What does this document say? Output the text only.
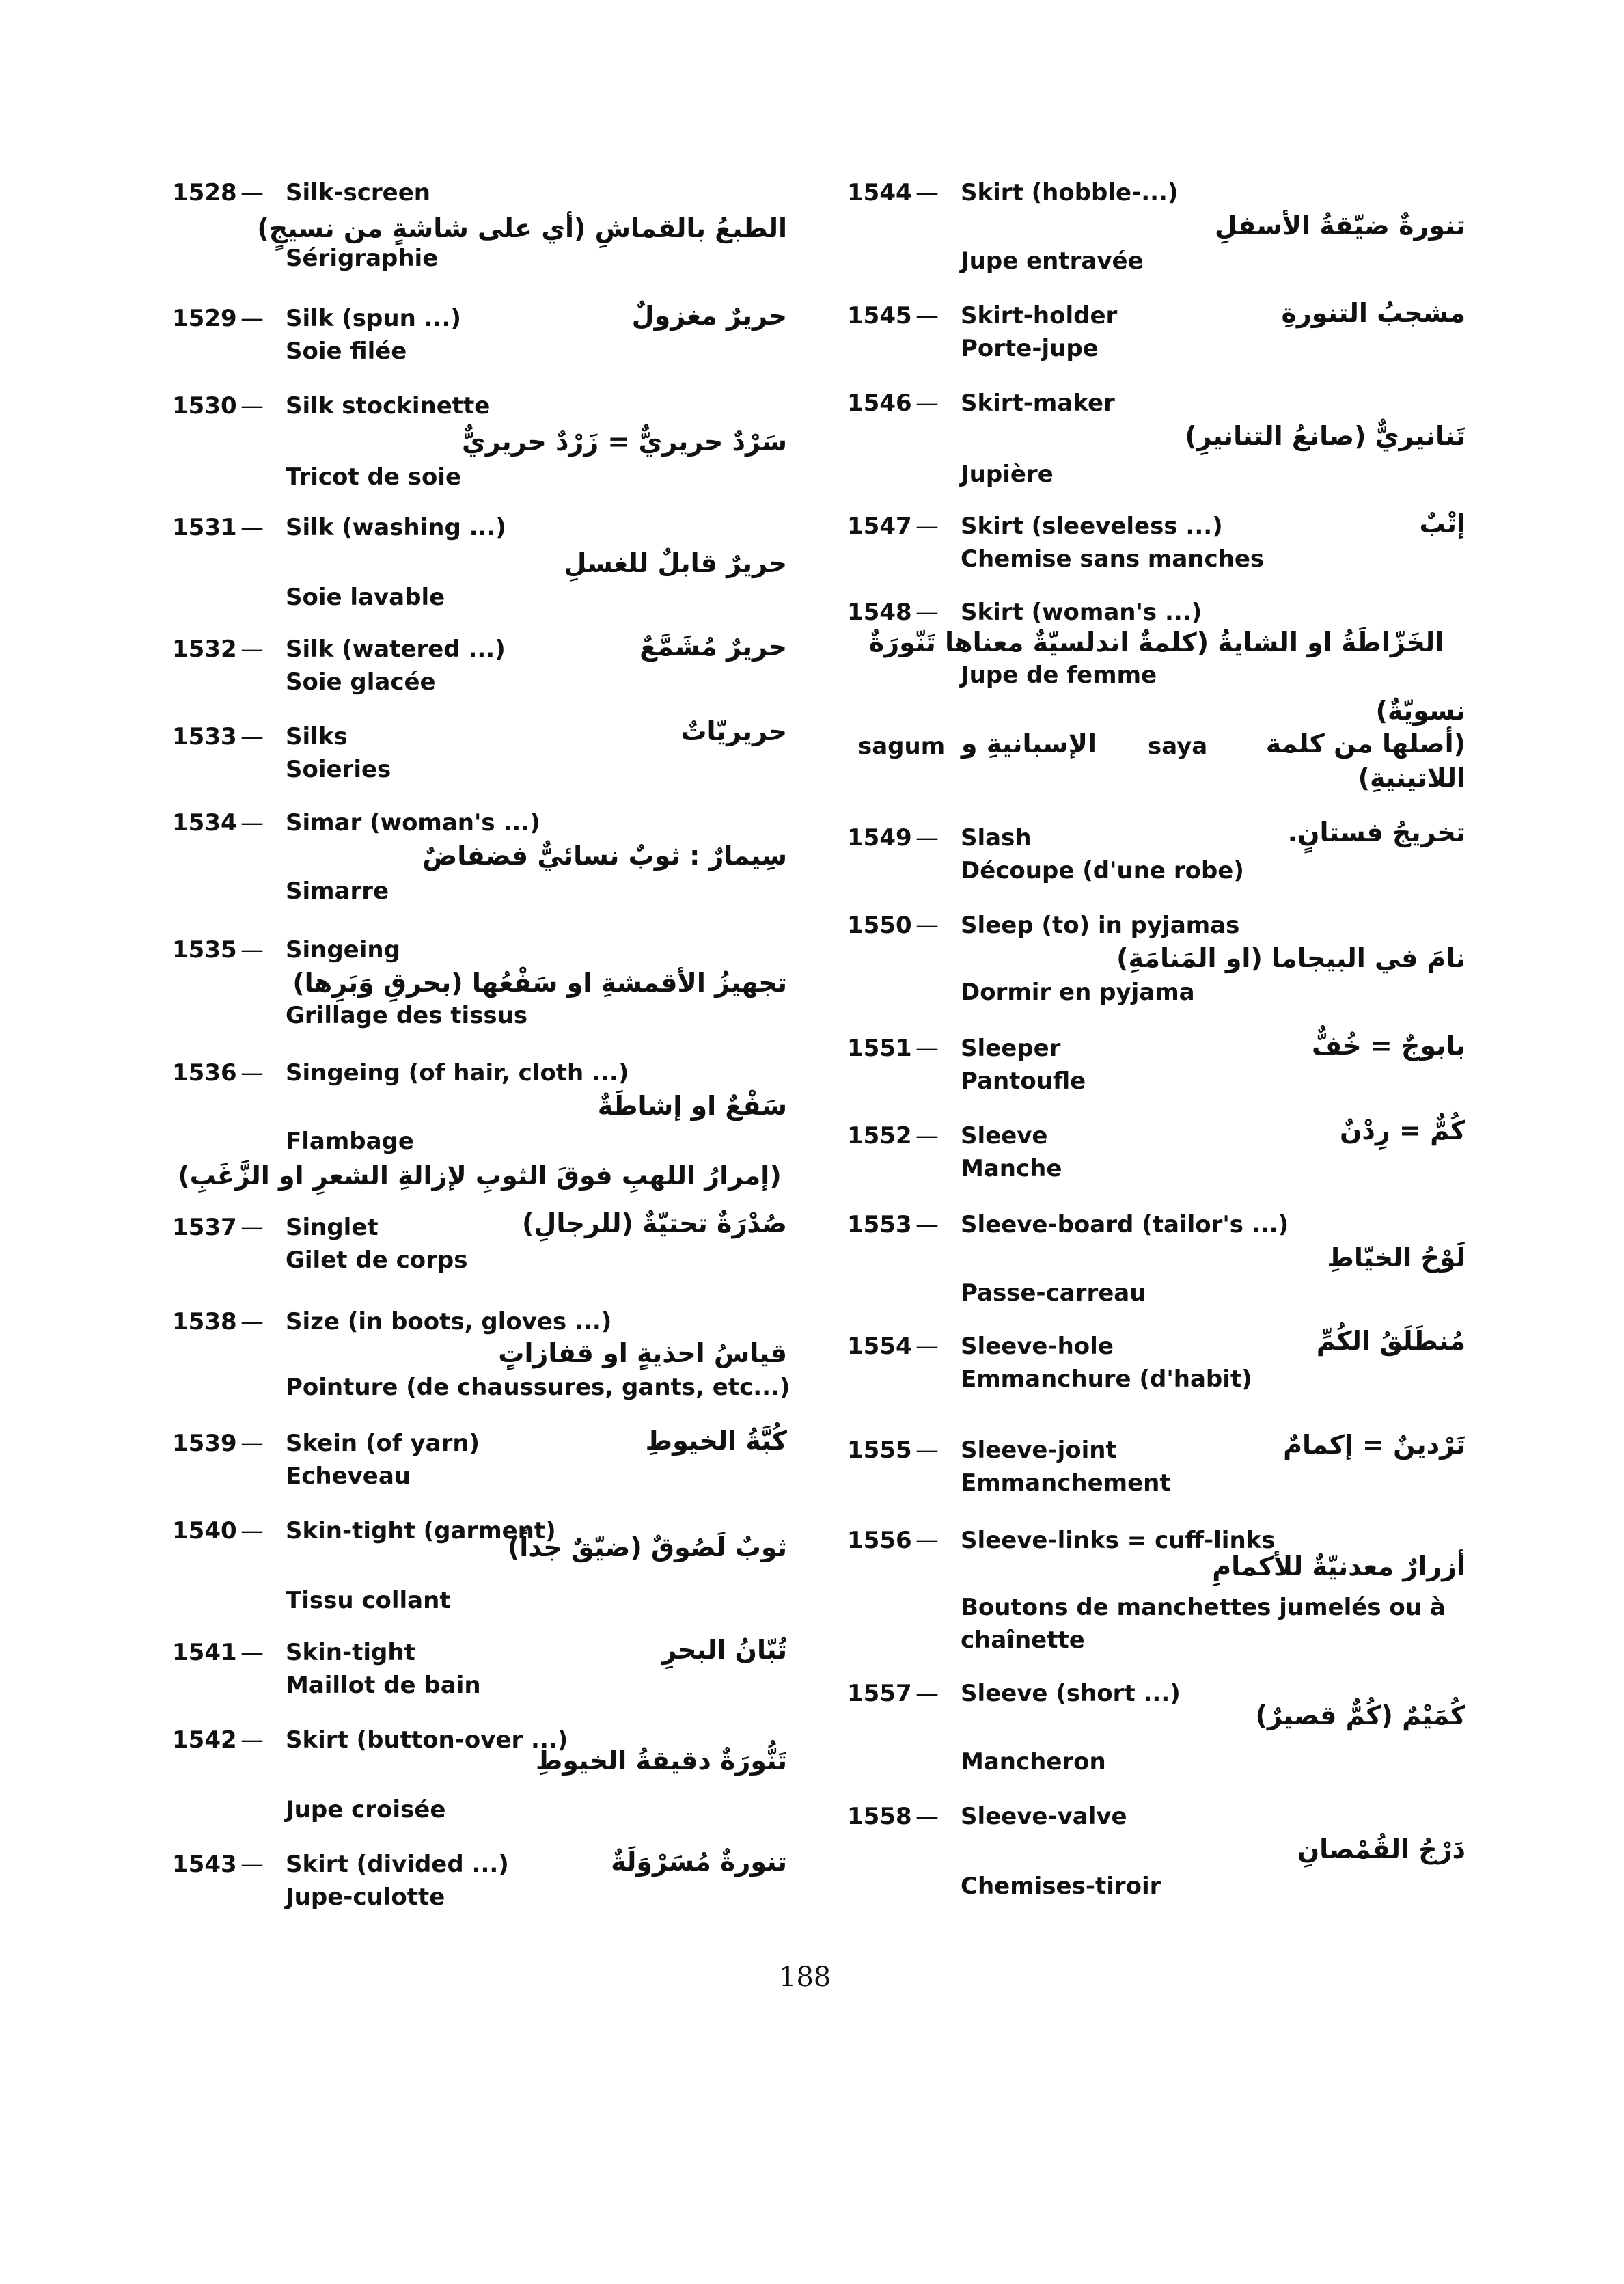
1528 — Silk-screen
الطبعُ بالقماشِ (أي على شاشةٍ من نسيجٍ)
Sérigraphie
1529 — Silk (spun ...)	حريرٌ مغزولٌ
Soie filée
1530 — Silk stockinette
سَرْدٌ حريريٌّ = زَرْدٌ حريريٌّ
Tricot de soie
1531 — Silk (washing ...)
حريرٌ قابلٌ للغسلِ
Soie lavable
1532 — Silk (watered ...)	حريرٌ مُشَمَّعٌ
Soie glacée
1533 — Silks	حريريّاتٌ
Soieries
1534 — Simar (woman's ...)
سِيمارٌ : ثوبٌ نسائيٌّ فضفاضٌ
Simarre
1535 — Singeing
تجهيزُ الأقمشةِ او سَفْعُها (بحرقِ وَبَرِها)
Grillage des tissus
1536 — Singeing (of hair, cloth ...)
سَفْعٌ او إشاطَةٌ
Flambage
(إمرارُ اللهبِ فوقَ الثوبِ لإزالةِ الشعرِ او الزَّغَبِ)
1537 — Singlet	صُدْرَةٌ تحتيّةٌ (للرجالِ)
Gilet de corps
1538 — Size (in boots, gloves ...)
قياسُ احذيةٍ او قفازاتٍ
Pointure (de chaussures, gants, etc...)
1539 — Skein (of yarn)	كُبَّةُ الخيوطِ
Echeveau
1540 — Skin-tight (garment)
ثوبٌ لَصُوقٌ (ضيّقٌ جداً)
Tissu collant
1541 — Skin-tight	تُبّانُ البحرِ
Maillot de bain
1542 — Skirt (button-over ...)
تَنُّورَةٌ دقيقةُ الخيوطِ
Jupe croisée
1543 — Skirt (divided ...)	تنورةٌ مُسَرْوَلَةٌ
Jupe-culotte
1544 — Skirt (hobble-...)
تنورةٌ ضيّقةُ الأسفلِ
Jupe entravée
1545 — Skirt-holder	مشجبُ التنورةِ
Porte-jupe
1546 — Skirt-maker
تَنانيريٌّ (صانعُ التنانيرِ)
Jupière
1547 — Skirt (sleeveless ...)	إتْبٌ
Chemise sans manches
1548 — Skirt (woman's ...)
الخَزّاطَةُ او الشايةُ (كلمةٌ اندلسيّةٌ معناها تَنّورَةٌ
Jupe de femme
نسويّةٌ)
sagum الإسبانيةِ و saya (أصلها من كلمة
اللاتينيةِ)
1549 — Slash	تخريجُ فستانٍ.
Découpe (d'une robe)
1550 — Sleep (to) in pyjamas
نامَ في البيجاما (او المَنامَةِ)
Dormir en pyjama
1551 — Sleeper	بابوجٌ = خُفٌّ
Pantoufle
1552 — Sleeve	كُمٌّ = رِدْنٌ
Manche
1553 — Sleeve-board (tailor's ...)
لَوْحُ الخيّاطِ
Passe-carreau
1554 — Sleeve-hole	مُنطَلَقُ الكُمِّ
Emmanchure (d'habit)
1555 — Sleeve-joint	تَرْدينٌ = إكمامٌ
Emmanchement
1556 — Sleeve-links = cuff-links
أزرارٌ معدنيّةٌ للأكمامِ
Boutons de manchettes jumelés ou à
chaînette
1557 — Sleeve (short ...)
كُمَيْمٌ (كُمٌّ قصيرٌ)
Mancheron
1558 — Sleeve-valve
دَرْجُ القُمْصانِ
Chemises-tiroir
188
